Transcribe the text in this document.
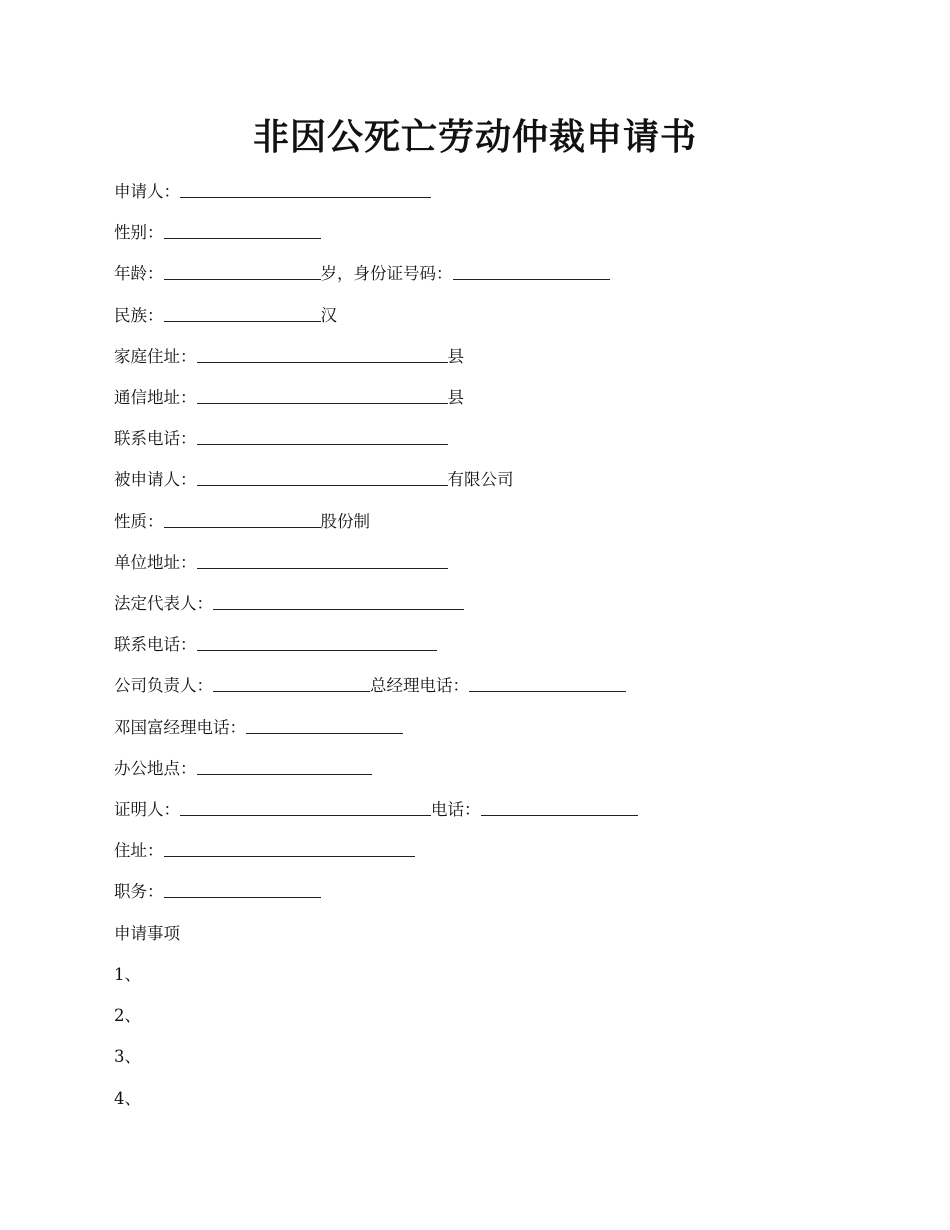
非因公死亡劳动仲裁申请书
申请人：
性别：
年龄：	岁，身份证号码：
民族：	汉
家庭住址：	县
通信地址：	县
联系电话：
被申请人：	有限公司
性质：	股份制
单位地址：
法定代表人：
联系电话：
公司负责人：	总经理电话：
邓国富经理电话：
办公地点：
证明人：	电话：
住址：
职务：
申请事项
1、
2、
3、
4、
